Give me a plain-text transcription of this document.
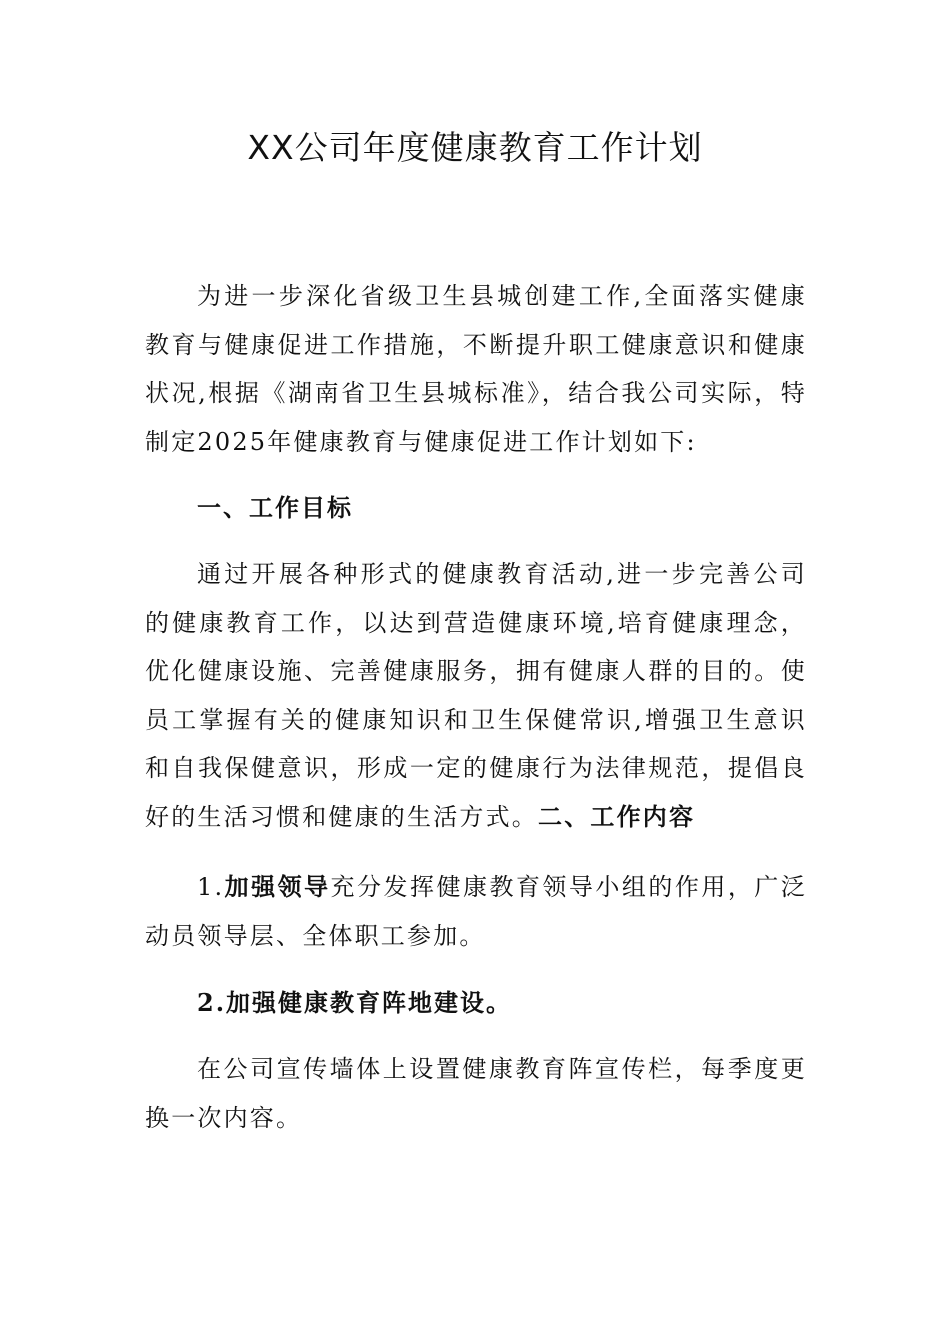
XX公司年度健康教育工作计划

为进一步深化省级卫生县城创建工作,全面落实健康教育与健康促进工作措施，不断提升职工健康意识和健康状况,根据《湖南省卫生县城标准》，结合我公司实际，特制定2025年健康教育与健康促进工作计划如下:

一、工作目标

通过开展各种形式的健康教育活动,进一步完善公司的健康教育工作，以达到营造健康环境,培育健康理念，优化健康设施、完善健康服务，拥有健康人群的目的。使员工掌握有关的健康知识和卫生保健常识,增强卫生意识和自我保健意识，形成一定的健康行为法律规范，提倡良好的生活习惯和健康的生活方式。二、工作内容

1.加强领导充分发挥健康教育领导小组的作用，广泛动员领导层、全体职工参加。

2.加强健康教育阵地建设。

在公司宣传墙体上设置健康教育阵宣传栏，每季度更换一次内容。
